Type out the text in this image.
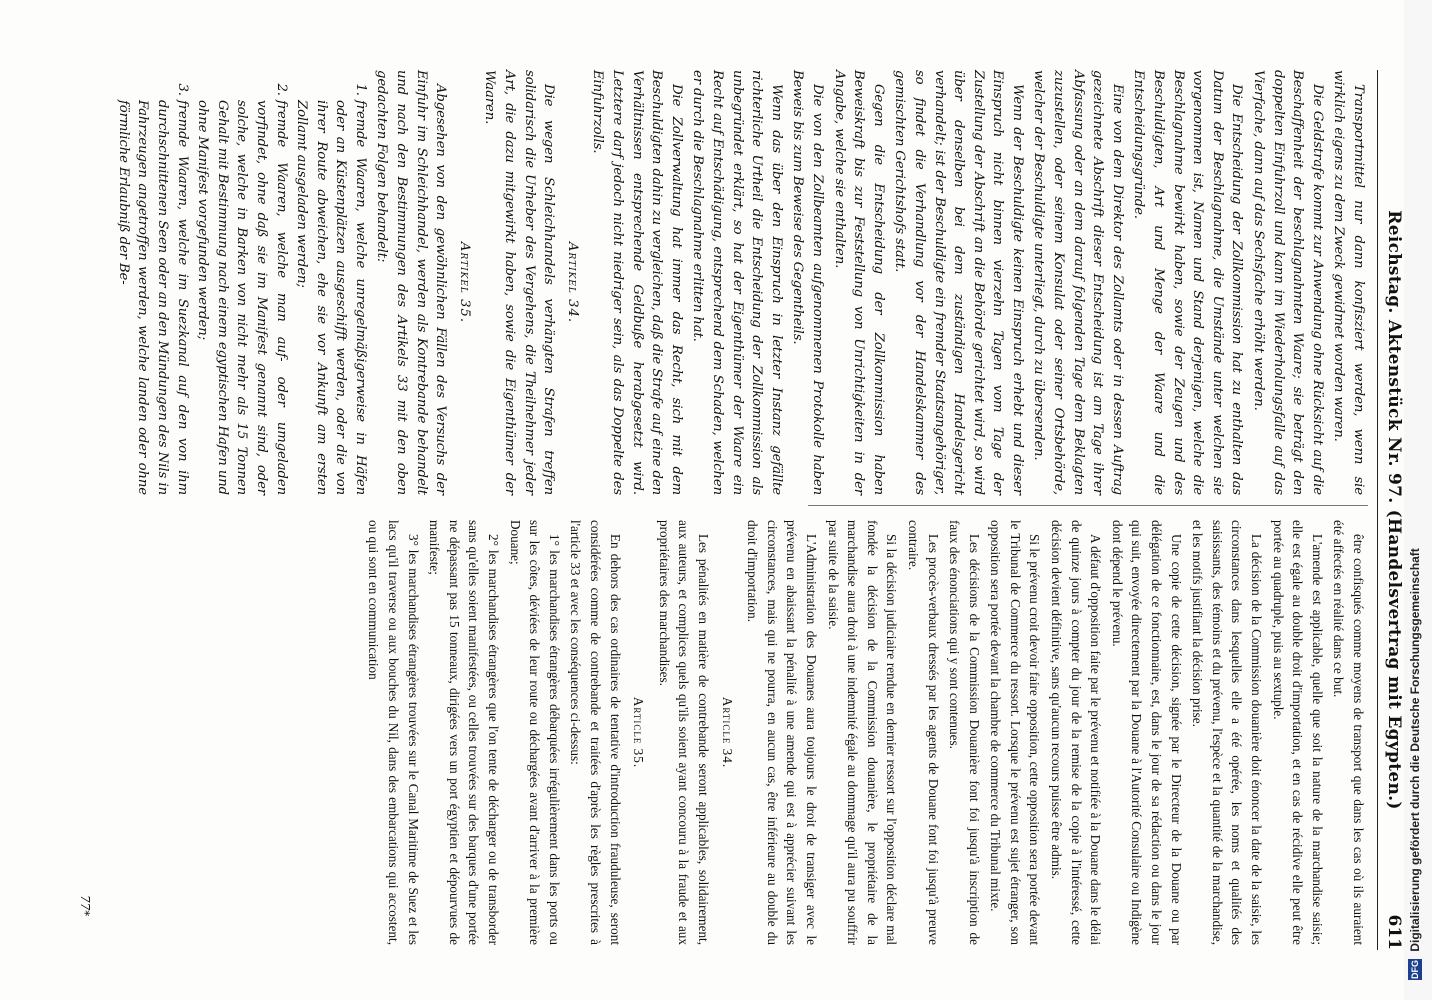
Reichstag. Aktenstück Nr. 97. (Handelsvertrag mit Egypten.)
611

Transportmittel nur dann konfisziert werden, wenn sie wirklich eigens zu dem Zweck gewidmet worden waren.

Die Geldstrafe kommt zur Anwendung ohne Rücksicht auf die Beschaffenheit der beschlagnahmten Waare; sie beträgt den doppelten Einfuhrzoll und kann im Wiederholungsfalle auf das Vierfache, dann auf das Sechsfache erhöht werden.

Die Entscheidung der Zollkommission hat zu enthalten das Datum der Beschlagnahme, die Umstände unter welchen sie vorgenommen ist, Namen und Stand derjenigen, welche die Beschlagnahme bewirkt haben, sowie der Zeugen und des Beschuldigten, Art und Menge der Waare und die Entscheidungsgründe.

Eine von dem Direktor des Zollamts oder in dessen Auftrag gezeichnete Abschrift dieser Entscheidung ist am Tage ihrer Abfassung oder an dem darauf folgenden Tage dem Beklagten zuzustellen, oder seinem Konsulat oder seiner Ortsbehörde, welcher der Beschuldigte unterliegt, durch zu übersenden.

Wenn der Beschuldigte keinen Einspruch erhebt und dieser Einspruch nicht binnen vierzehn Tagen vom Tage der Zustellung der Abschrift an die Behörde gerichtet wird, so wird über denselben bei dem zuständigen Handelsgericht verhandelt; ist der Beschuldigte ein fremder Staatsangehöriger, so findet die Verhandlung vor der Handelskammer des gemischten Gerichtshofs statt.

Gegen die Entscheidung der Zollkommission haben Beweiskraft bis zur Feststellung von Unrichtigkeiten in der Angabe, welche sie enthalten.

Die von den Zollbeamten aufgenommenen Protokolle haben Beweis bis zum Beweise des Gegentheils.

Wenn das über den Einspruch in letzter Instanz gefällte richterliche Urtheil die Entscheidung der Zollkommission als unbegründet erklärt, so hat der Eigenthümer der Waare ein Recht auf Entschädigung, entsprechend dem Schaden, welchen er durch die Beschlagnahme erlitten hat.

Die Zollverwaltung hat immer das Recht, sich mit dem Beschuldigten dahin zu vergleichen, daß die Strafe auf eine den Verhältnissen entsprechende Geldbuße herabgesetzt wird. Letztere darf jedoch nicht niedriger sein, als das Doppelte des Einfuhrzolls.

Artikel 34.

Die wegen Schleichhandels verhängten Strafen treffen solidarisch die Urheber des Vergehens, die Theilnehmer jeder Art, die dazu mitgewirkt haben, sowie die Eigenthümer der Waaren.

Artikel 35.

Abgesehen von den gewöhnlichen Fällen des Versuchs der Einfuhr im Schleichhandel, werden als Kontrebande behandelt und nach den Bestimmungen des Artikels 33 mit den oben gedachten Folgen behandelt:

1. fremde Waaren, welche unregelmäßigerweise in Häfen oder an Küstenplätzen ausgeschifft werden, oder die von ihrer Route abweichen, ehe sie vor Ankunft am ersten Zollamt ausgeladen werden;
2. fremde Waaren, welche man auf- oder umgeladen vorfindet, ohne daß sie im Manifest genannt sind, oder solche, welche in Barken von nicht mehr als 15 Tonnen Gehalt mit Bestimmung nach einem egyptischen Hafen und ohne Manifest vorgefunden werden;
3. fremde Waaren, welche im Suezkanal auf den von ihm durchschnittenen Seen oder an den Mündungen des Nils in Fahrzeugen angetroffen werden, welche landen oder ohne förmliche Erlaubniß der Be-

être confisqués comme moyens de transport que dans les cas où ils auraient été affectés en réalité dans ce but.

L'amende est applicable, quelle que soit la nature de la marchandise saisie; elle est égale au double droit d'importation, et en cas de récidive elle peut être portée au quadruple, puis au sextuple.

La décision de la Commission douanière doit énoncer la date de la saisie, les circonstances dans lesquelles elle a été opérée, les noms et qualités des saisissants, des témoins et du prévenu, l'espèce et la quantité de la marchandise, et les motifs justifiant la décision prise.

Une copie de cette décision, signée par le Directeur de la Douane ou par délégation de ce fonctionnaire, est, dans le jour de sa rédaction ou dans le jour qui suit, envoyée directement par la Douane à l'Autorité Consulaire ou Indigène dont dépend le prévenu.

A défaut d'opposition faite par le prévenu et notifiée à la Douane dans le délai de quinze jours à compter du jour de la remise de la copie à l'intéressé, cette décision devient définitive, sans qu'aucun recours puisse être admis.

Si le prévenu croit devoir faire opposition, cette opposition sera portée devant le Tribunal de Commerce du ressort. Lorsque le prévenu est sujet étranger, son opposition sera portée devant la chambre de commerce du Tribunal mixte.

Les décisions de la Commission Douanière font foi jusqu'à inscription de faux des énonciations qui y sont contenues.

Les procès-verbaux dressés par les agents de Douane font foi jusqu'à preuve contraire.

Si la décision judiciaire rendue en dernier ressort sur l'opposition déclare mal fondée la décision de la Commission douanière, le propriétaire de la marchandise aura droit à une indemnité égale au dommage qu'il aura pu souffrir par suite de la saisie.

L'Administration des Douanes aura toujours le droit de transiger avec le prévenu en abaissant la pénalité à une amende qui est à apprécier suivant les circonstances, mais qui ne pourra, en aucun cas, être inférieure au double du droit d'importation.

Article 34.

Les pénalités en matière de contrebande seront applicables, solidairement, aux auteurs, et complices quels qu'ils soient ayant concouru à la fraude et aux propriétaires des marchandises.

Article 35.

En dehors des cas ordinaires de tentative d'introduction frauduleuse, seront considérées comme de contrebande et traitées d'après les règles prescrites à l'article 33 et avec les conséquences ci-dessus:

1° les marchandises étrangères débarquées irrégulièrement dans les ports ou sur les côtes, déviées de leur route ou déchargées avant d'arriver à la première Douane;

2° les marchandises étrangères que l'on tente de décharger ou de transborder sans qu'elles soient manifestées, ou celles trouvées sur des barques d'une portée ne dépassant pas 15 tonneaux, dirigées vers un port égyptien et dépourvues de manifeste;

3° les marchandises étrangères trouvées sur le Canal Maritime de Suez et les lacs qu'il traverse ou aux bouches du Nil, dans des embarcations qui accostent, ou qui sont en communication

77*
DFG Digitalisierung gefördert durch die Deutsche Forschungsgemeinschaft
